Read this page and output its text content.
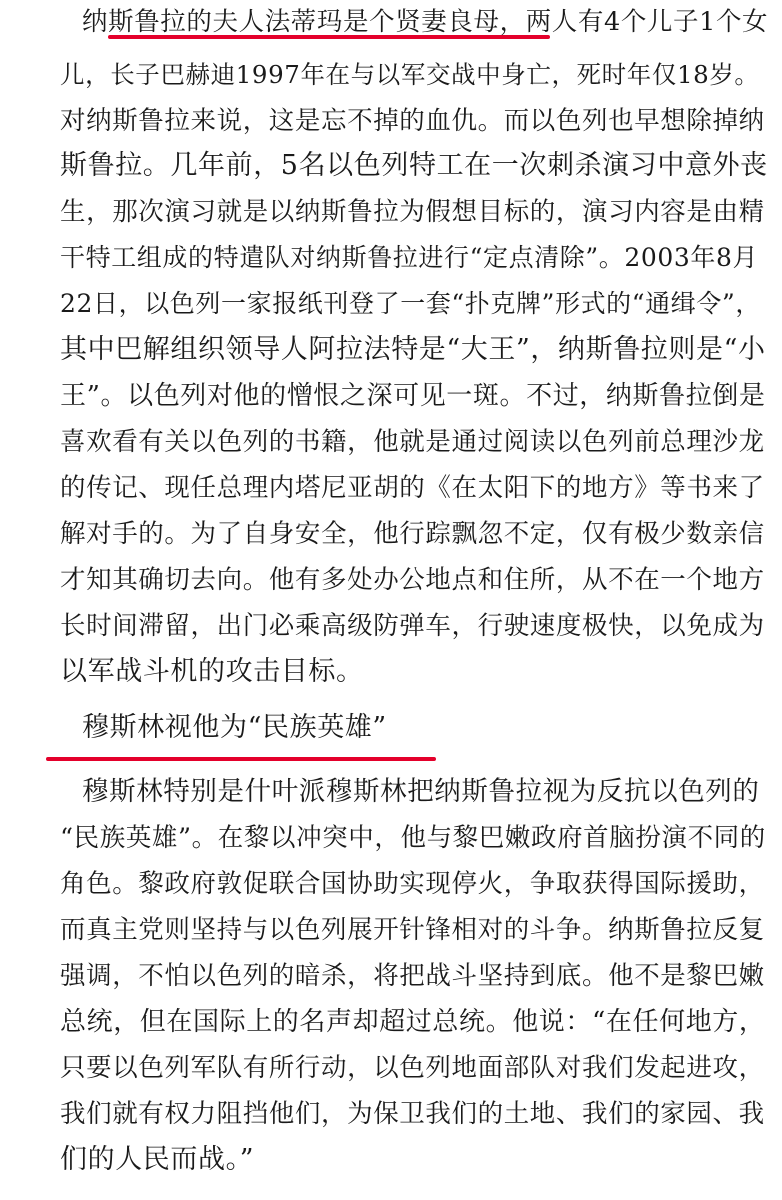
纳斯鲁拉的夫人法蒂玛是个贤妻良母，两人有4个儿子1个女
儿，长子巴赫迪1997年在与以军交战中身亡，死时年仅18岁。
对纳斯鲁拉来说，这是忘不掉的血仇。而以色列也早想除掉纳
斯鲁拉。几年前，5名以色列特工在一次刺杀演习中意外丧
生，那次演习就是以纳斯鲁拉为假想目标的，演习内容是由精
干特工组成的特遣队对纳斯鲁拉进行“定点清除”。2003年8月
22日，以色列一家报纸刊登了一套“扑克牌”形式的“通缉令”，
其中巴解组织领导人阿拉法特是“大王”，纳斯鲁拉则是“小
王”。以色列对他的憎恨之深可见一斑。不过，纳斯鲁拉倒是
喜欢看有关以色列的书籍，他就是通过阅读以色列前总理沙龙
的传记、现任总理内塔尼亚胡的《在太阳下的地方》等书来了
解对手的。为了自身安全，他行踪飘忽不定，仅有极少数亲信
才知其确切去向。他有多处办公地点和住所，从不在一个地方
长时间滞留，出门必乘高级防弹车，行驶速度极快，以免成为
以军战斗机的攻击目标。
穆斯林视他为“民族英雄”
穆斯林特别是什叶派穆斯林把纳斯鲁拉视为反抗以色列的
“民族英雄”。在黎以冲突中，他与黎巴嫩政府首脑扮演不同的
角色。黎政府敦促联合国协助实现停火，争取获得国际援助，
而真主党则坚持与以色列展开针锋相对的斗争。纳斯鲁拉反复
强调，不怕以色列的暗杀，将把战斗坚持到底。他不是黎巴嫩
总统，但在国际上的名声却超过总统。他说：“在任何地方，
只要以色列军队有所行动，以色列地面部队对我们发起进攻，
我们就有权力阻挡他们，为保卫我们的土地、我们的家园、我
们的人民而战。”
